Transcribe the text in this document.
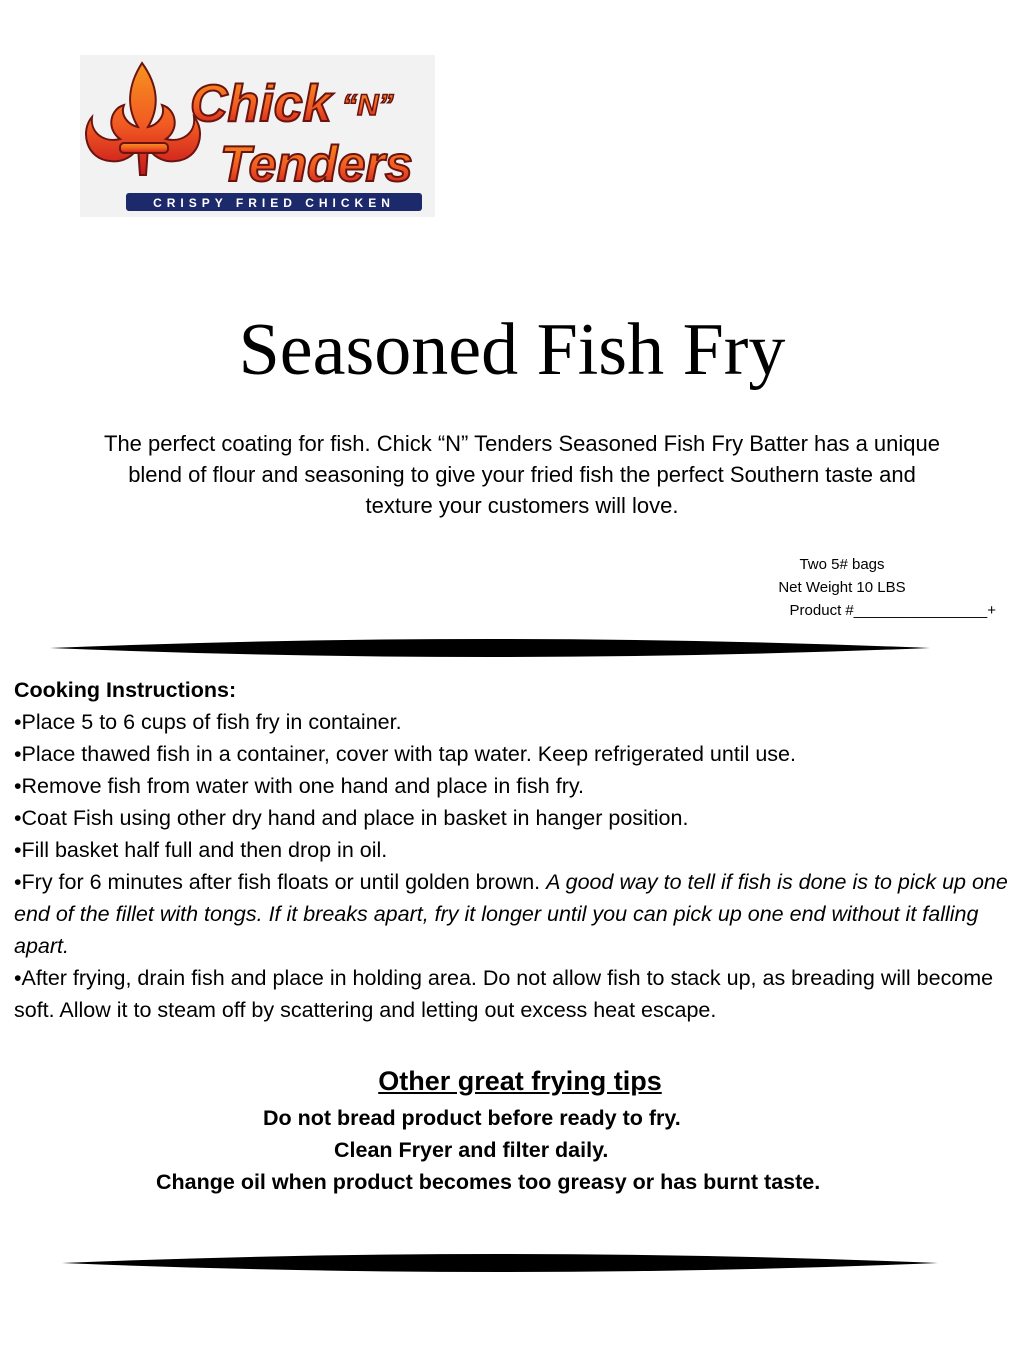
Chick “N”
Tenders
CRISPY FRIED CHICKEN
Seasoned Fish Fry
The perfect coating for fish. Chick “N” Tenders Seasoned Fish Fry Batter has a unique blend of flour and seasoning to give your fried fish the perfect Southern taste and texture your customers will love.
Two 5# bags
Net Weight 10 LBS
Product #________________+
Cooking Instructions:

•Place 5 to 6 cups of fish fry in container.

•Place thawed fish in a container, cover with tap water. Keep refrigerated until use.

•Remove fish from water with one hand and place in fish fry.

•Coat Fish using other dry hand and place in basket in hanger position.

•Fill basket half full and then drop in oil.

•Fry for 6 minutes after fish floats or until golden brown. A good way to tell if fish is done is to pick up one end of the fillet with tongs. If it breaks apart, fry it longer until you can pick up one end without it falling apart.

•After frying, drain fish and place in holding area. Do not allow fish to stack up, as breading will become soft. Allow it to steam off by scattering and letting out excess heat escape.

Other great frying tips
Do not bread product before ready to fry.
Clean Fryer and filter daily.
Change oil when product becomes too greasy or has burnt taste.
